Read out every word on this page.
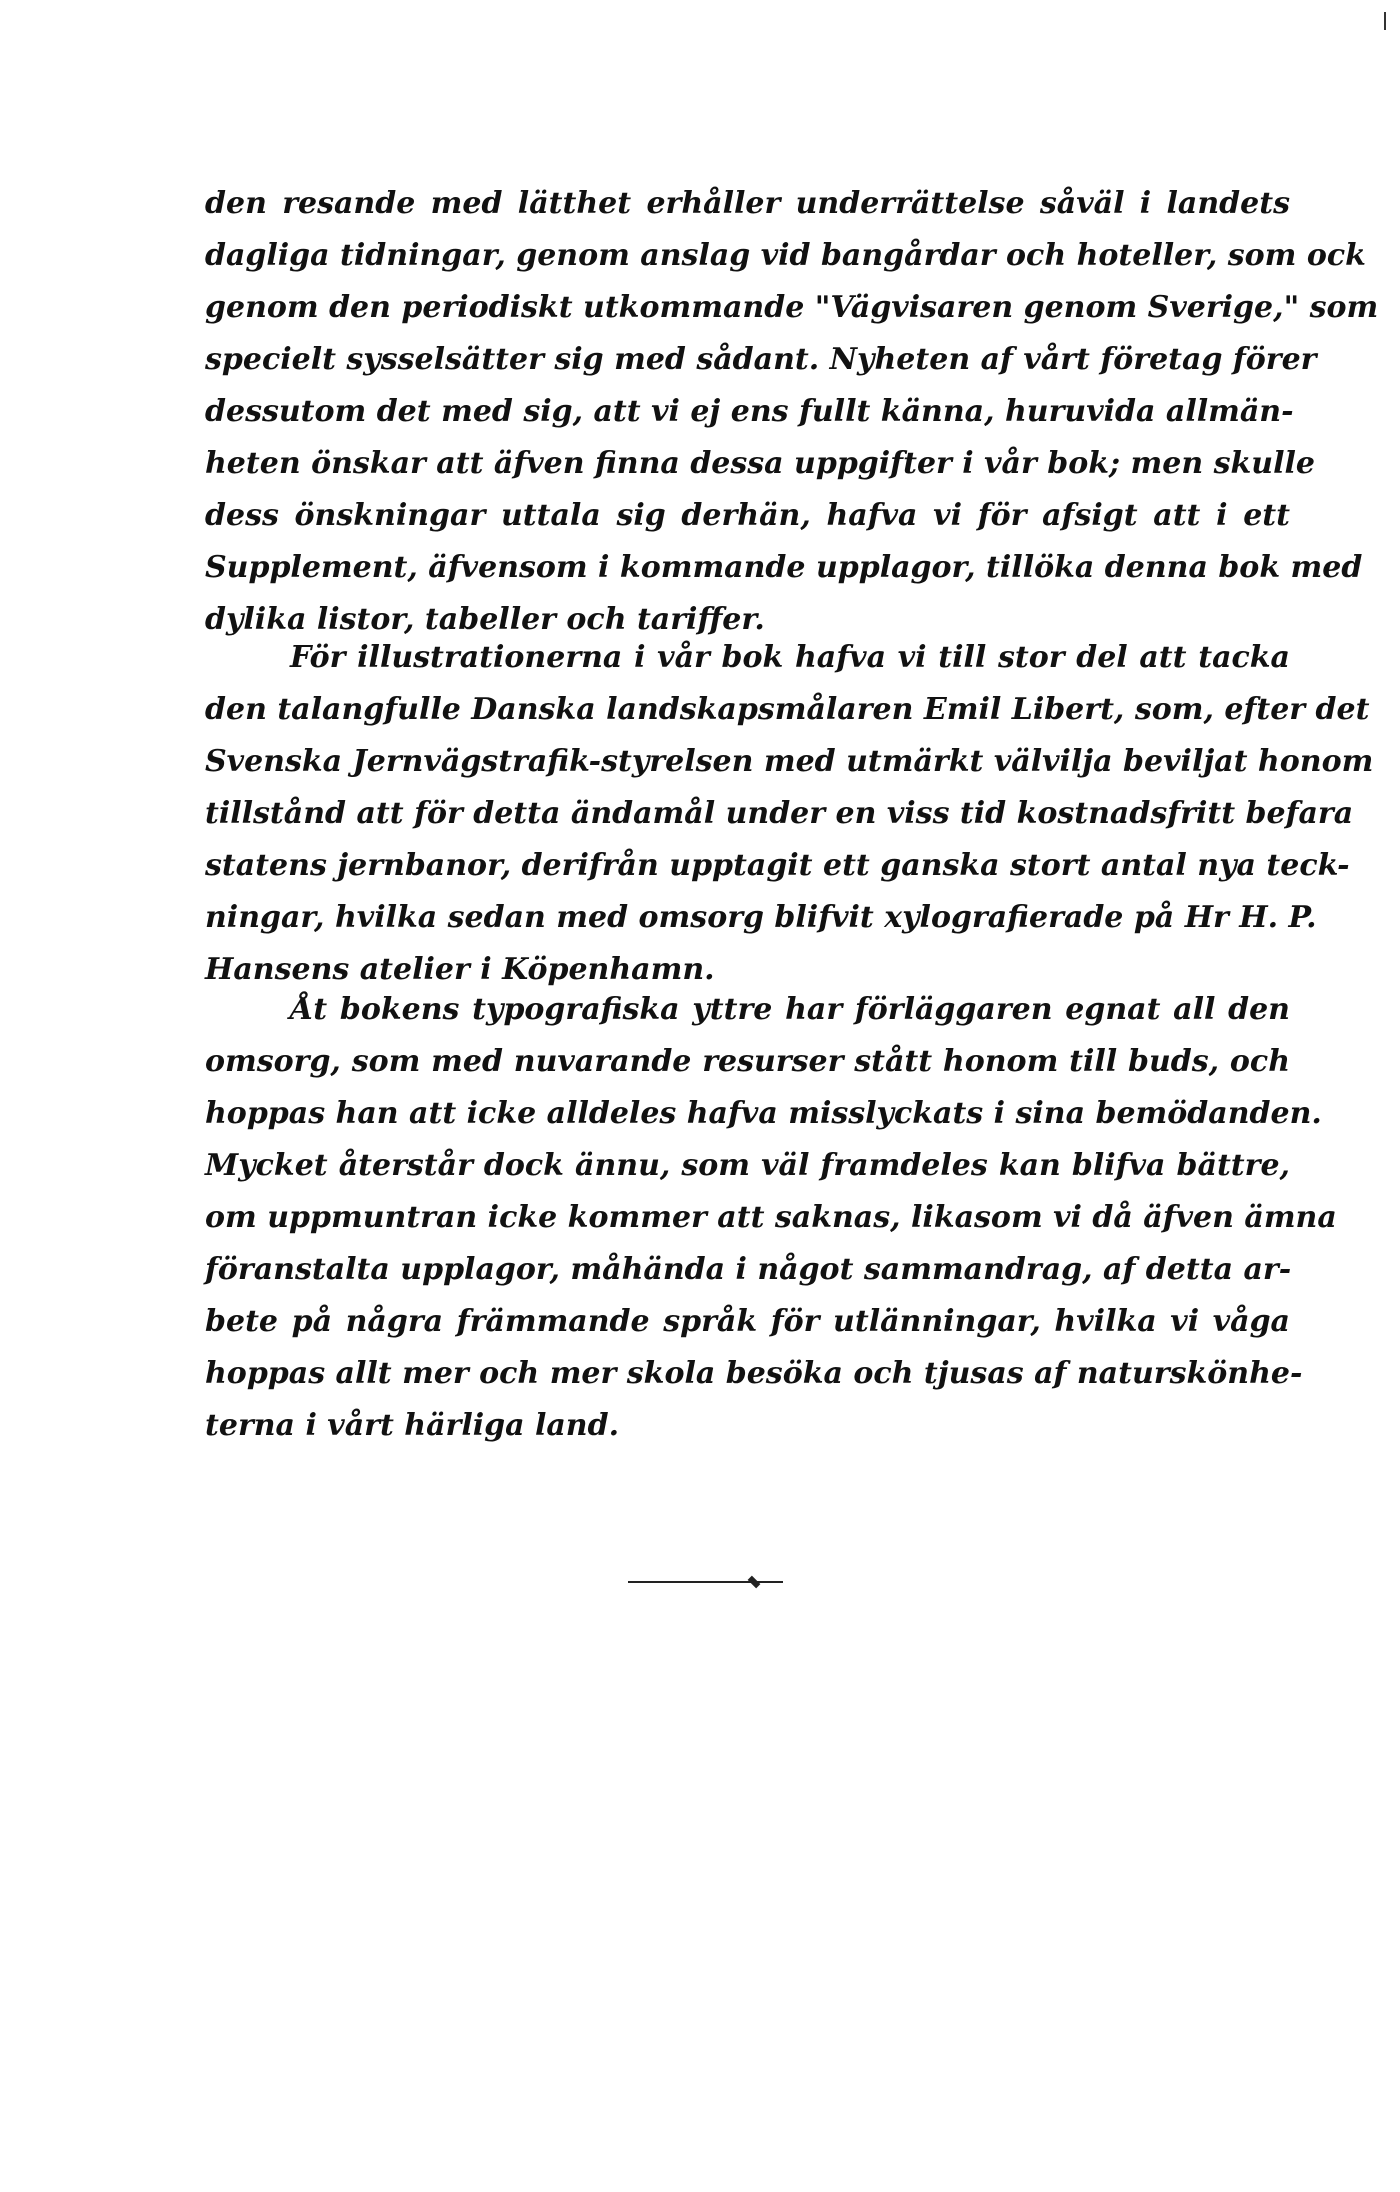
den resande med lätthet erhåller underrättelse såväl i landets
dagliga tidningar, genom anslag vid bangårdar och hoteller, som ock
genom den periodiskt utkommande "Vägvisaren genom Sverige," som
specielt sysselsätter sig med sådant. Nyheten af vårt företag förer
dessutom det med sig, att vi ej ens fullt känna, huruvida allmän-
heten önskar att äfven finna dessa uppgifter i vår bok; men skulle
dess önskningar uttala sig derhän, hafva vi för afsigt att i ett
Supplement, äfvensom i kommande upplagor, tillöka denna bok med
dylika listor, tabeller och tariffer.
För illustrationerna i vår bok hafva vi till stor del att tacka
den talangfulle Danska landskapsmålaren Emil Libert, som, efter det
Svenska Jernvägstrafik-styrelsen med utmärkt välvilja beviljat honom
tillstånd att för detta ändamål under en viss tid kostnadsfritt befara
statens jernbanor, derifrån upptagit ett ganska stort antal nya teck-
ningar, hvilka sedan med omsorg blifvit xylografierade på Hr H. P.
Hansens atelier i Köpenhamn.
Åt bokens typografiska yttre har förläggaren egnat all den
omsorg, som med nuvarande resurser stått honom till buds, och
hoppas han att icke alldeles hafva misslyckats i sina bemödanden.
Mycket återstår dock ännu, som väl framdeles kan blifva bättre,
om uppmuntran icke kommer att saknas, likasom vi då äfven ämna
föranstalta upplagor, måhända i något sammandrag, af detta ar-
bete på några främmande språk för utlänningar, hvilka vi våga
hoppas allt mer och mer skola besöka och tjusas af naturskönhe-
terna i vårt härliga land.
